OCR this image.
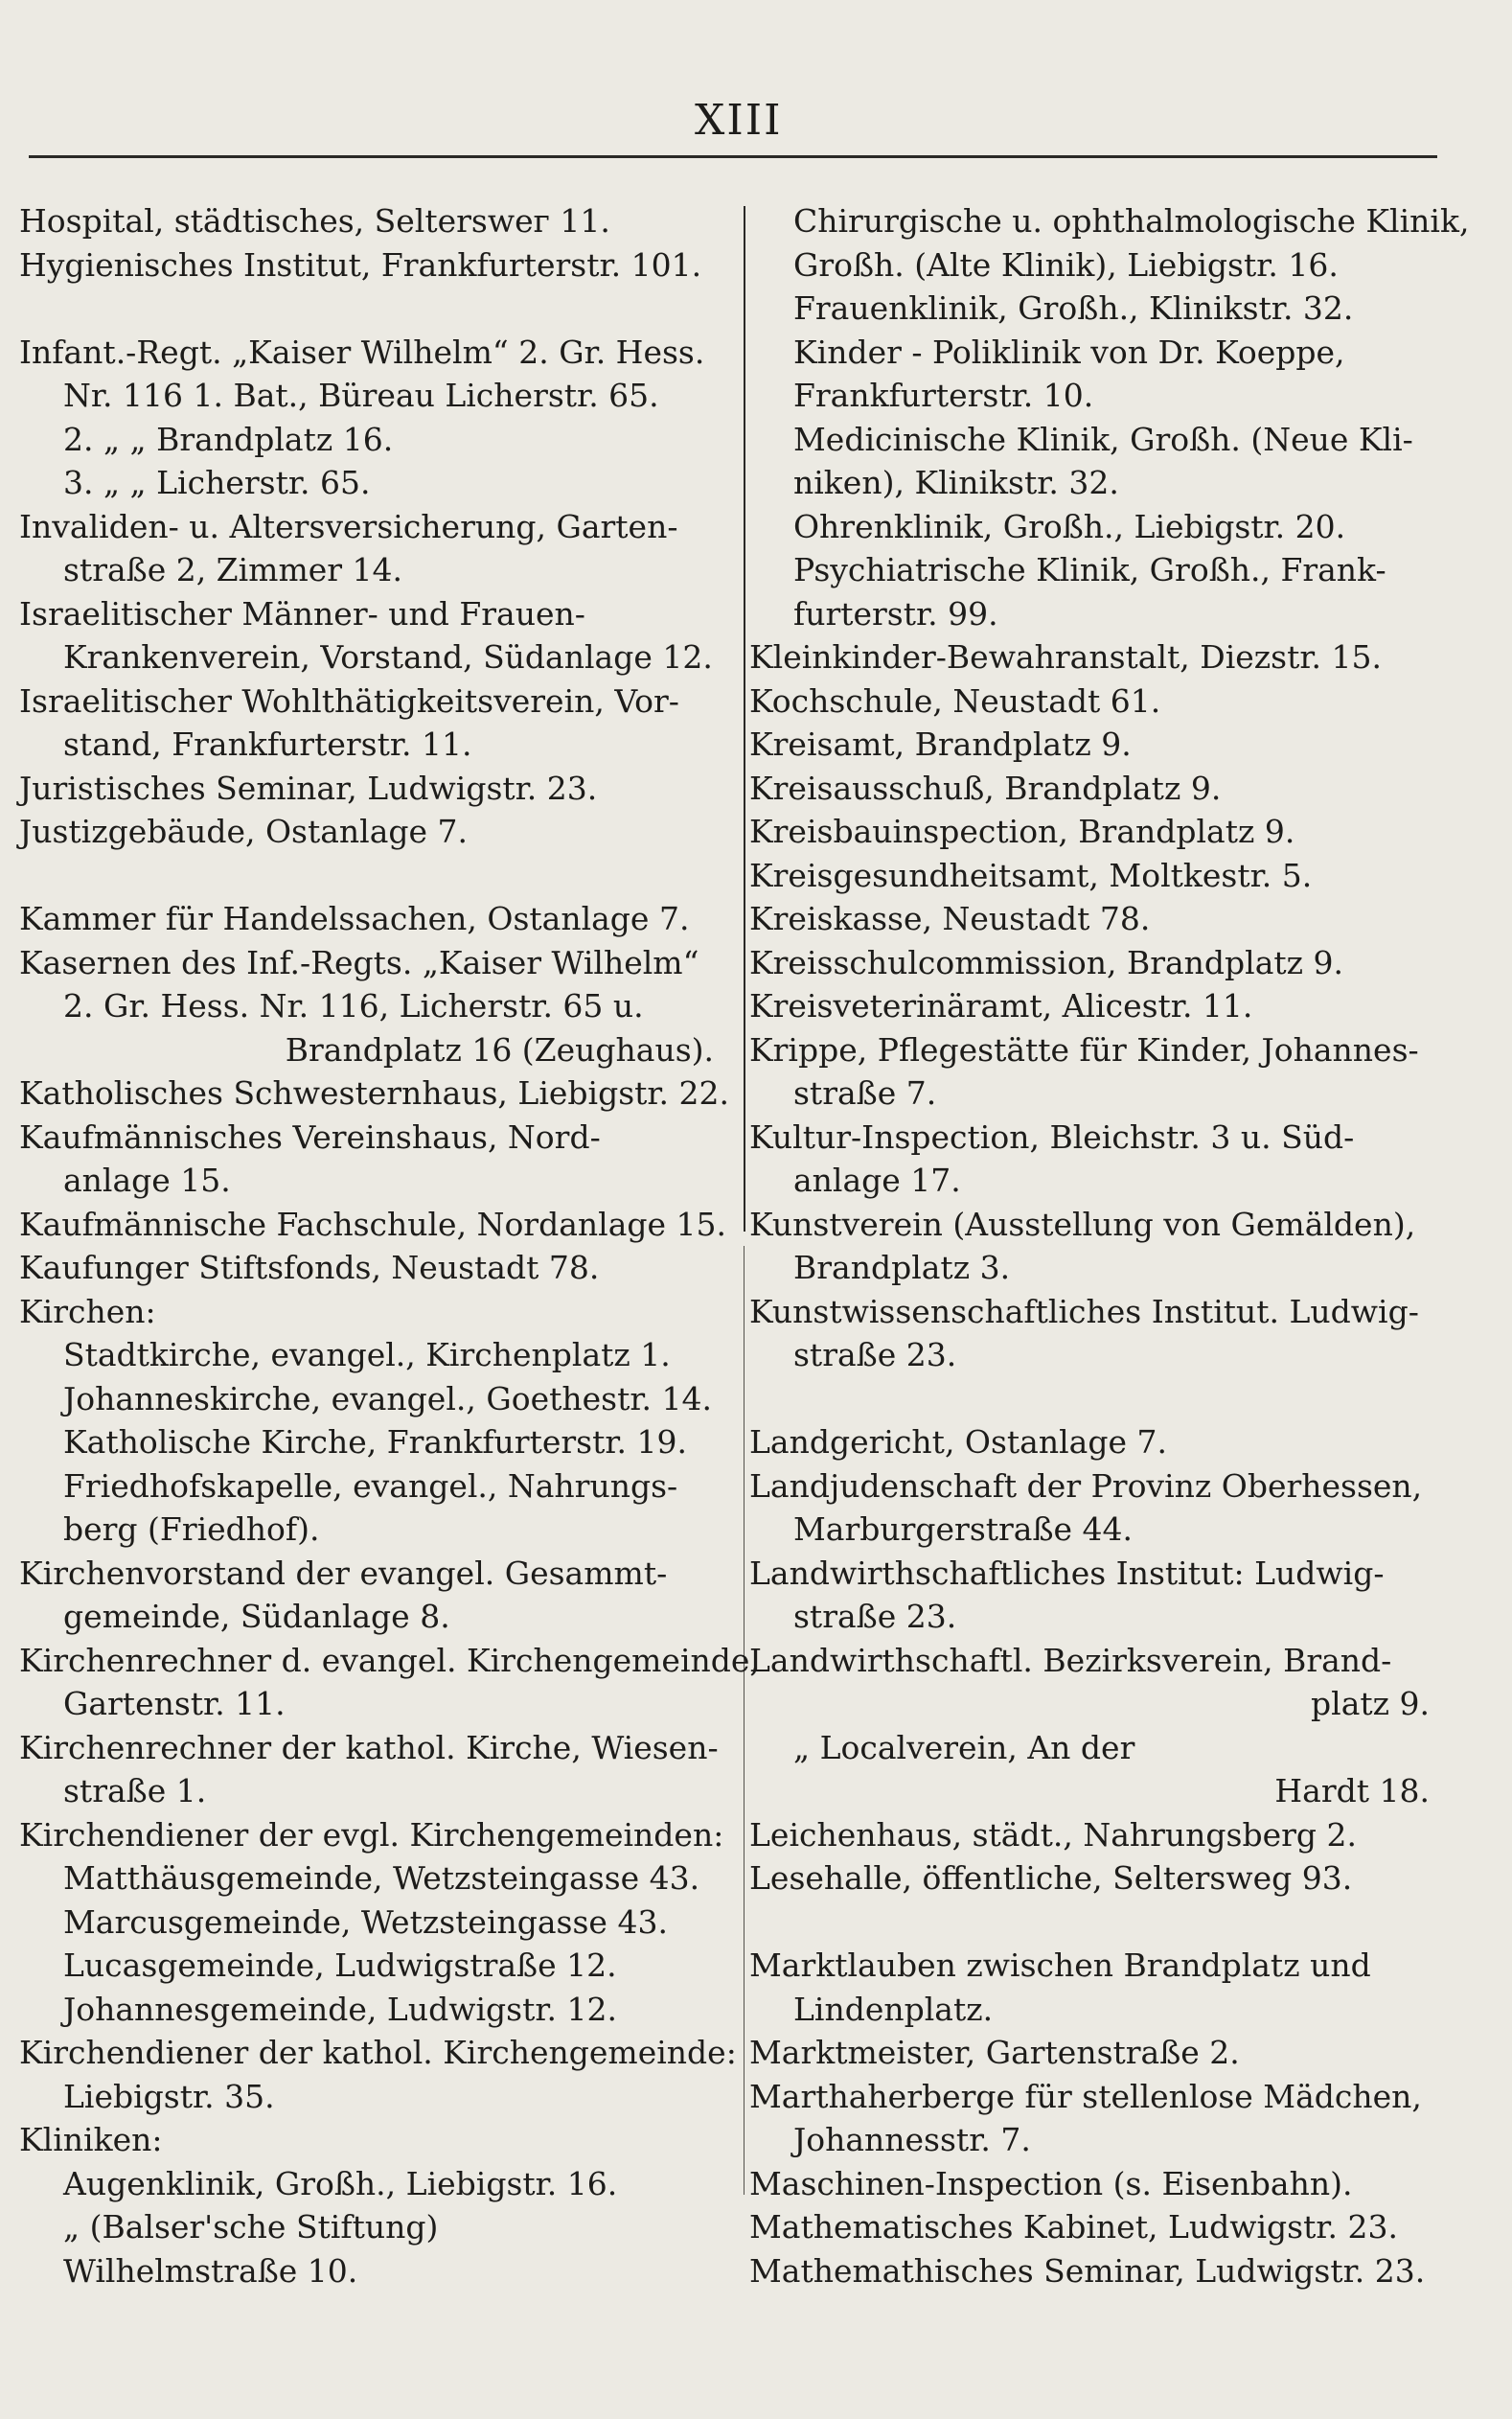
XIII
Hospital, städtisches, Selterswег 11.
Hygienisches Institut, Frankfurterstr. 101.
Infant.-Regt. „Kaiser Wilhelm“ 2. Gr. Hess.
Nr. 116 1. Bat., Büreau Licherstr. 65.
2. „ „ Brandplatz 16.
3. „ „ Licherstr. 65.
Invaliden- u. Altersversicherung, Garten-
straße 2, Zimmer 14.
Israelitischer Männer- und Frauen-
Krankenverein, Vorstand, Südanlage 12.
Israelitischer Wohlthätigkeitsverein, Vor-
stand, Frankfurterstr. 11.
Juristisches Seminar, Ludwigstr. 23.
Justizgebäude, Ostanlage 7.
Kammer für Handelssachen, Ostanlage 7.
Kasernen des Inf.-Regts. „Kaiser Wilhelm“
2. Gr. Hess. Nr. 116, Licherstr. 65 u.
Brandplatz 16 (Zeughaus).
Katholisches Schwesternhaus, Liebigstr. 22.
Kaufmännisches Vereinshaus, Nord-
anlage 15.
Kaufmännische Fachschule, Nordanlage 15.
Kaufunger Stiftsfonds, Neustadt 78.
Kirchen:
Stadtkirche, evangel., Kirchenplatz 1.
Johanneskirche, evangel., Goethestr. 14.
Katholische Kirche, Frankfurterstr. 19.
Friedhofskapelle, evangel., Nahrungs-
berg (Friedhof).
Kirchenvorstand der evangel. Gesammt-
gemeinde, Südanlage 8.
Kirchenrechner d. evangel. Kirchengemeinde,
Gartenstr. 11.
Kirchenrechner der kathol. Kirche, Wiesen-
straße 1.
Kirchendiener der evgl. Kirchengemeinden:
Matthäusgemeinde, Wetzsteingasse 43.
Marcusgemeinde, Wetzsteingasse 43.
Lucasgemeinde, Ludwigstraße 12.
Johannesgemeinde, Ludwigstr. 12.
Kirchendiener der kathol. Kirchengemeinde:
Liebigstr. 35.
Kliniken:
Augenklinik, Großh., Liebigstr. 16.
„ (Balser'sche Stiftung)
Wilhelmstraße 10.
Chirurgische u. ophthalmologische Klinik,
Großh. (Alte Klinik), Liebigstr. 16.
Frauenklinik, Großh., Klinikstr. 32.
Kinder - Poliklinik von Dr. Koeppe,
Frankfurterstr. 10.
Medicinische Klinik, Großh. (Neue Kli-
niken), Klinikstr. 32.
Ohrenklinik, Großh., Liebigstr. 20.
Psychiatrische Klinik, Großh., Frank-
furterstr. 99.
Kleinkinder-Bewahranstalt, Diezstr. 15.
Kochschule, Neustadt 61.
Kreisamt, Brandplatz 9.
Kreisausschuß, Brandplatz 9.
Kreisbauinspection, Brandplatz 9.
Kreisgesundheitsamt, Moltkestr. 5.
Kreiskasse, Neustadt 78.
Kreisschulcommission, Brandplatz 9.
Kreisveterinäramt, Alicestr. 11.
Krippe, Pflegestätte für Kinder, Johannes-
straße 7.
Kultur-Inspection, Bleichstr. 3 u. Süd-
anlage 17.
Kunstverein (Ausstellung von Gemälden),
Brandplatz 3.
Kunstwissenschaftliches Institut. Ludwig-
straße 23.
Landgericht, Ostanlage 7.
Landjudenschaft der Provinz Oberhessen,
Marburgerstraße 44.
Landwirthschaftliches Institut: Ludwig-
straße 23.
Landwirthschaftl. Bezirksverein, Brand-
platz 9.
„ Localverein, An der
Hardt 18.
Leichenhaus, städt., Nahrungsberg 2.
Lesehalle, öffentliche, Selterswеg 93.
Marktlauben zwischen Brandplatz und
Lindenplatz.
Marktmeister, Gartenstraße 2.
Marthaherberge für stellenlose Mädchen,
Johannesstr. 7.
Maschinen-Inspection (s. Eisenbahn).
Mathematisches Kabinet, Ludwigstr. 23.
Mathemathisches Seminar, Ludwigstr. 23.
